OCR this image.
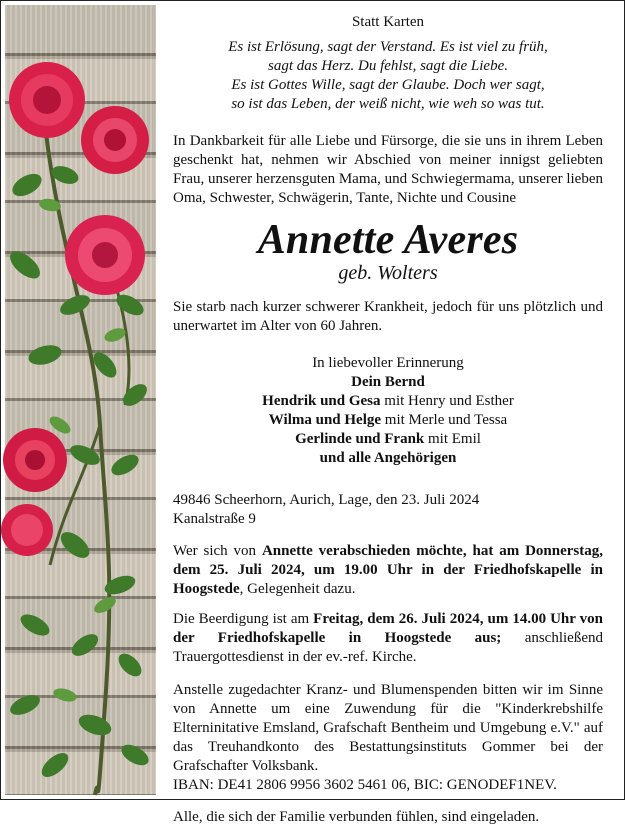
Statt Karten

Es ist Erlösung, sagt der Verstand. Es ist viel zu früh,

sagt das Herz. Du fehlst, sagt die Liebe.

Es ist Gottes Wille, sagt der Glaube. Doch wer sagt,

so ist das Leben, der weiß nicht, wie weh so was tut.

In Dankbarkeit für alle Liebe und Fürsorge, die sie uns in ihrem Leben geschenkt hat, nehmen wir Abschied von meiner innigst geliebten Frau, unserer herzensguten Mama, und Schwiegermama, unserer lieben Oma, Schwester, Schwägerin, Tante, Nichte und Cousine

Annette Averes

geb. Wolters

Sie starb nach kurzer schwerer Krankheit, jedoch für uns plötzlich und unerwartet im Alter von 60 Jahren.

In liebevoller Erinnerung

Dein Bernd

Hendrik und Gesa mit Henry und Esther

Wilma und Helge mit Merle und Tessa

Gerlinde und Frank mit Emil

und alle Angehörigen

49846 Scheerhorn, Aurich, Lage, den 23. Juli 2024

Kanalstraße 9

Wer sich von Annette verabschieden möchte, hat am Donnerstag, dem 25. Juli 2024, um 19.00 Uhr in der Friedhofskapelle in Hoogstede, Gelegenheit dazu.

Die Beerdigung ist am Freitag, dem 26. Juli 2024, um 14.00 Uhr von der Friedhofskapelle in Hoogstede aus; anschließend Trauergottesdienst in der ev.-ref. Kirche.

Anstelle zugedachter Kranz- und Blumenspenden bitten wir im Sinne von Annette um eine Zuwendung für die "Kinderkrebshilfe Elterninitative Emsland, Grafschaft Bentheim und Umgebung e.V." auf das Treuhandkonto des Bestattungsinstituts Gommer bei der Grafschafter Volksbank.

IBAN: DE41 2806 9956 3602 5461 06, BIC: GENODEF1NEV.

Alle, die sich der Familie verbunden fühlen, sind eingeladen.
